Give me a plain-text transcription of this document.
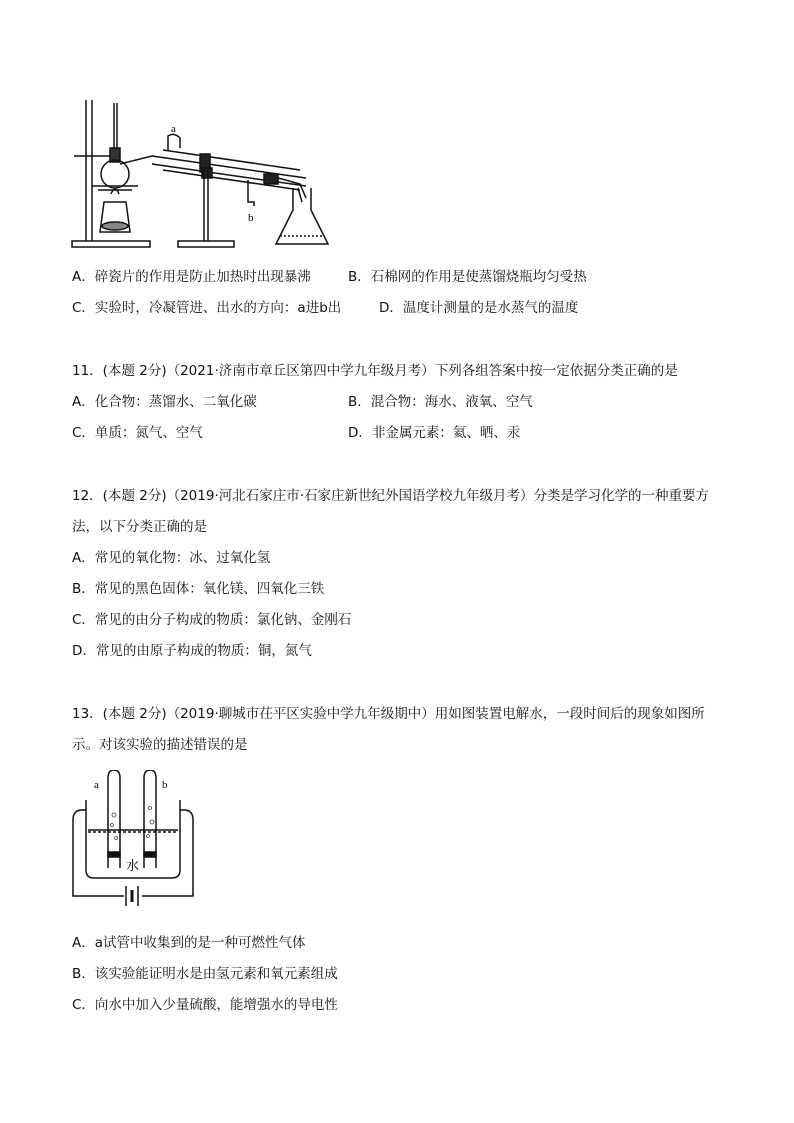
a
b
A．碎瓷片的作用是防止加热时出现暴沸	B．石棉网的作用是使蒸馏烧瓶均匀受热
C．实验时，冷凝管进、出水的方向：a进b出	D．温度计测量的是水蒸气的温度
11．(本题 2分)（2021·济南市章丘区第四中学九年级月考）下列各组答案中按一定依据分类正确的是
A．化合物：蒸馏水、二氧化碳	B．混合物：海水、液氧、空气
C．单质：氮气、空气	D．非金属元素：氦、晒、汞
12．(本题 2分)（2019·河北石家庄市·石家庄新世纪外国语学校九年级月考）分类是学习化学的一种重要方
法，以下分类正确的是
A．常见的氧化物：冰、过氧化氢
B．常见的黑色固体：氧化镁、四氧化三铁
C．常见的由分子构成的物质：氯化钠、金刚石
D．常见的由原子构成的物质：铜，氮气
13．(本题 2分)（2019·聊城市茌平区实验中学九年级期中）用如图装置电解水，一段时间后的现象如图所
示。对该实验的描述错误的是
a	b
水
A．a试管中收集到的是一种可燃性气体
B．该实验能证明水是由氢元素和氧元素组成
C．向水中加入少量硫酸，能增强水的导电性
